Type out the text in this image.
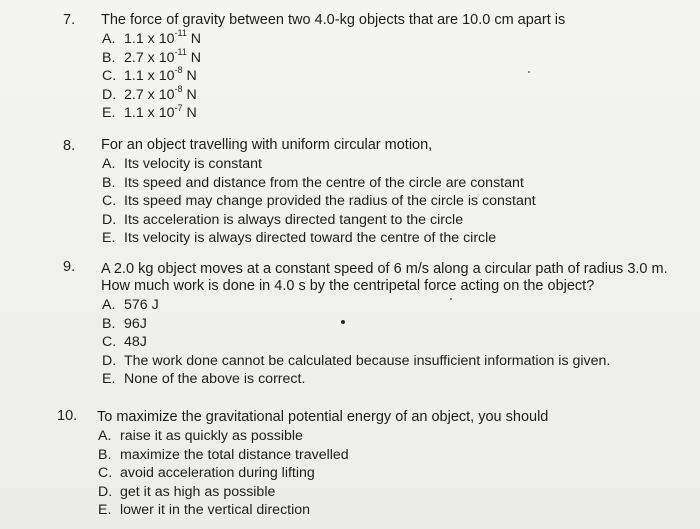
7. The force of gravity between two 4.0-kg objects that are 10.0 cm apart is
A. 1.1 x $10^{-11}$ N
B. 2.7 x $10^{-11}$ N
C. 1.1 x $10^{-8}$ N
D. 2.7 x $10^{-8}$ N
E. 1.1 x $10^{-7}$ N
8. For an object travelling with uniform circular motion,
A. Its velocity is constant
B. Its speed and distance from the centre of the circle are constant
C. Its speed may change provided the radius of the circle is constant
D. Its acceleration is always directed tangent to the circle
E. Its velocity is always directed toward the centre of the circle
9. A 2.0 kg object moves at a constant speed of 6 m/s along a circular path of radius 3.0 m.
How much work is done in 4.0 s by the centripetal force acting on the object?
A. 576 J
B. 96J
C. 48J
D. The work done cannot be calculated because insufficient information is given.
E. None of the above is correct.
10. To maximize the gravitational potential energy of an object, you should
A. raise it as quickly as possible
B. maximize the total distance travelled
C. avoid acceleration during lifting
D. get it as high as possible
E. lower it in the vertical direction
